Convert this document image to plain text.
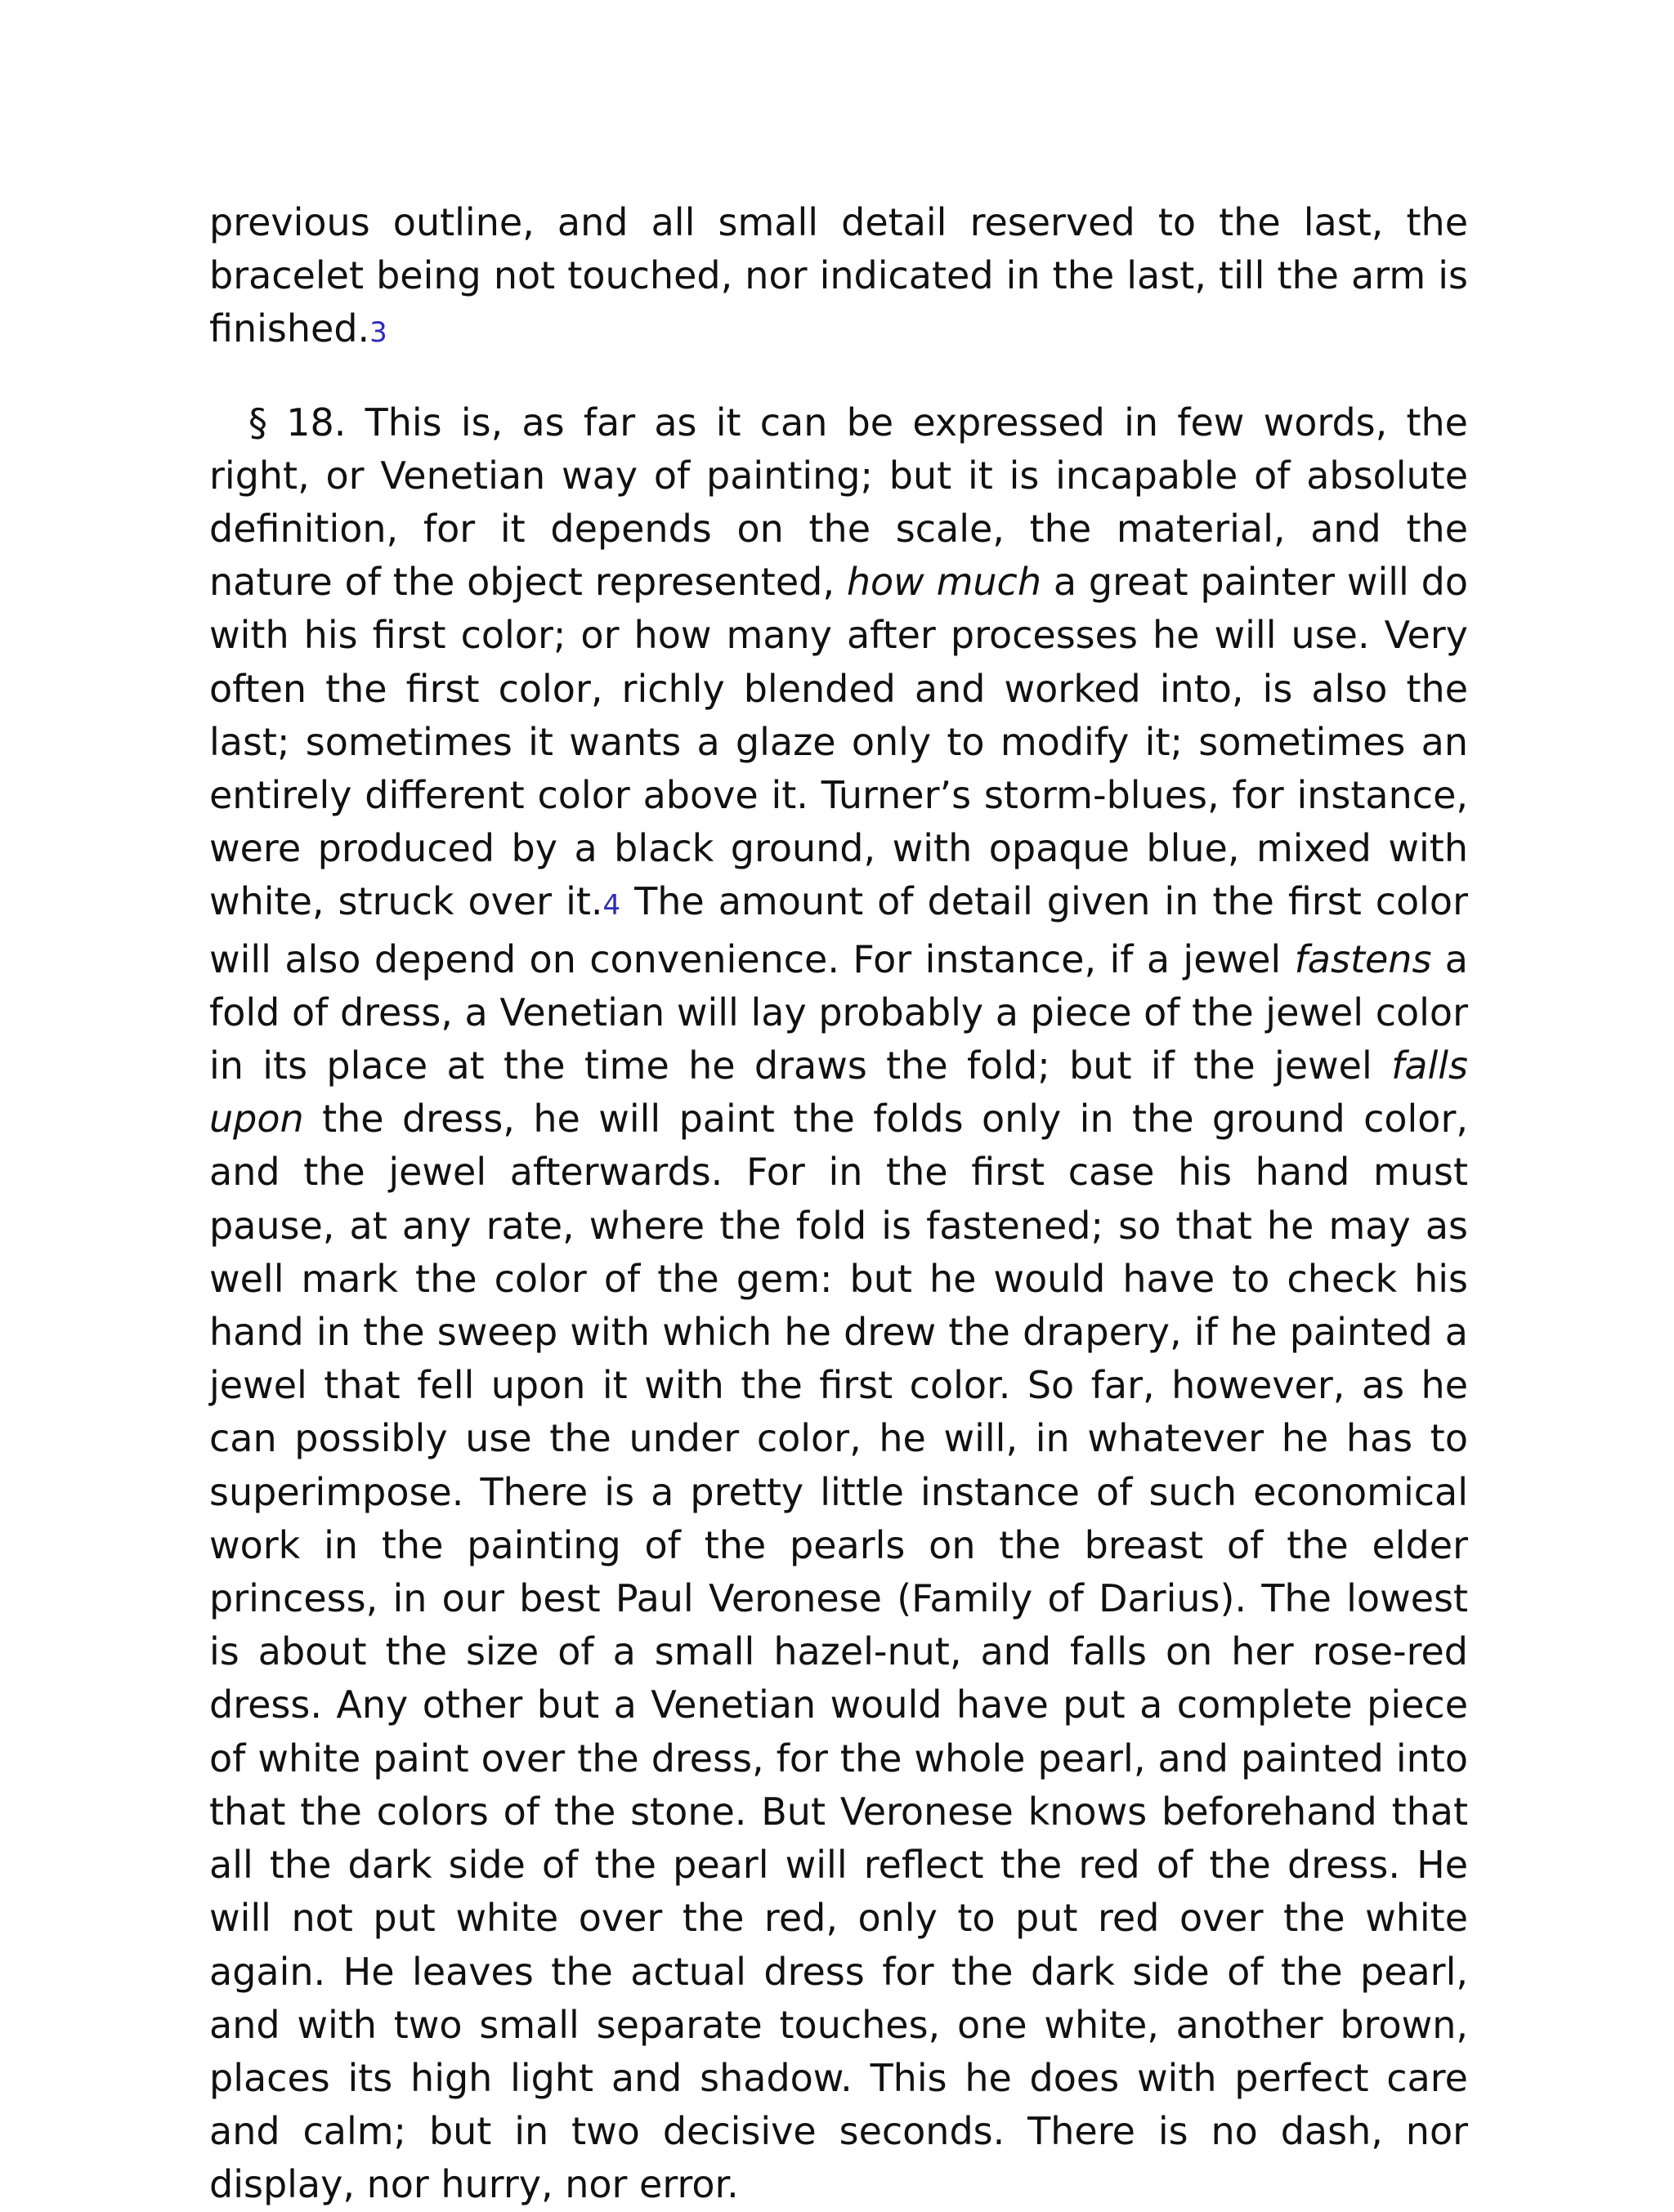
previous outline, and all small detail reserved to the last, the bracelet being not touched, nor indicated in the last, till the arm is finished.3

§ 18. This is, as far as it can be expressed in few words, the right, or Venetian way of painting; but it is incapable of absolute definition, for it depends on the scale, the material, and the nature of the object represented, how much a great painter will do with his first color; or how many after processes he will use. Very often the first color, richly blended and worked into, is also the last; sometimes it wants a glaze only to modify it; sometimes an entirely different color above it. Turner’s storm-blues, for instance, were produced by a black ground, with opaque blue, mixed with white, struck over it.4 The amount of detail given in the first color will also depend on convenience. For instance, if a jewel fastens a fold of dress, a Venetian will lay probably a piece of the jewel color in its place at the time he draws the fold; but if the jewel falls upon the dress, he will paint the folds only in the ground color, and the jewel afterwards. For in the first case his hand must pause, at any rate, where the fold is fastened; so that he may as well mark the color of the gem: but he would have to check his hand in the sweep with which he drew the drapery, if he painted a jewel that fell upon it with the first color. So far, however, as he can possibly use the under color, he will, in whatever he has to superimpose. There is a pretty little instance of such economical work in the painting of the pearls on the breast of the elder princess, in our best Paul Veronese (Family of Darius). The lowest is about the size of a small hazel-nut, and falls on her rose-red dress. Any other but a Venetian would have put a complete piece of white paint over the dress, for the whole pearl, and painted into that the colors of the stone. But Veronese knows beforehand that all the dark side of the pearl will reflect the red of the dress. He will not put white over the red, only to put red over the white again. He leaves the actual dress for the dark side of the pearl, and with two small separate touches, one white, another brown, places its high light and shadow. This he does with perfect care and calm; but in two decisive seconds. There is no dash, nor display, nor hurry, nor error.
